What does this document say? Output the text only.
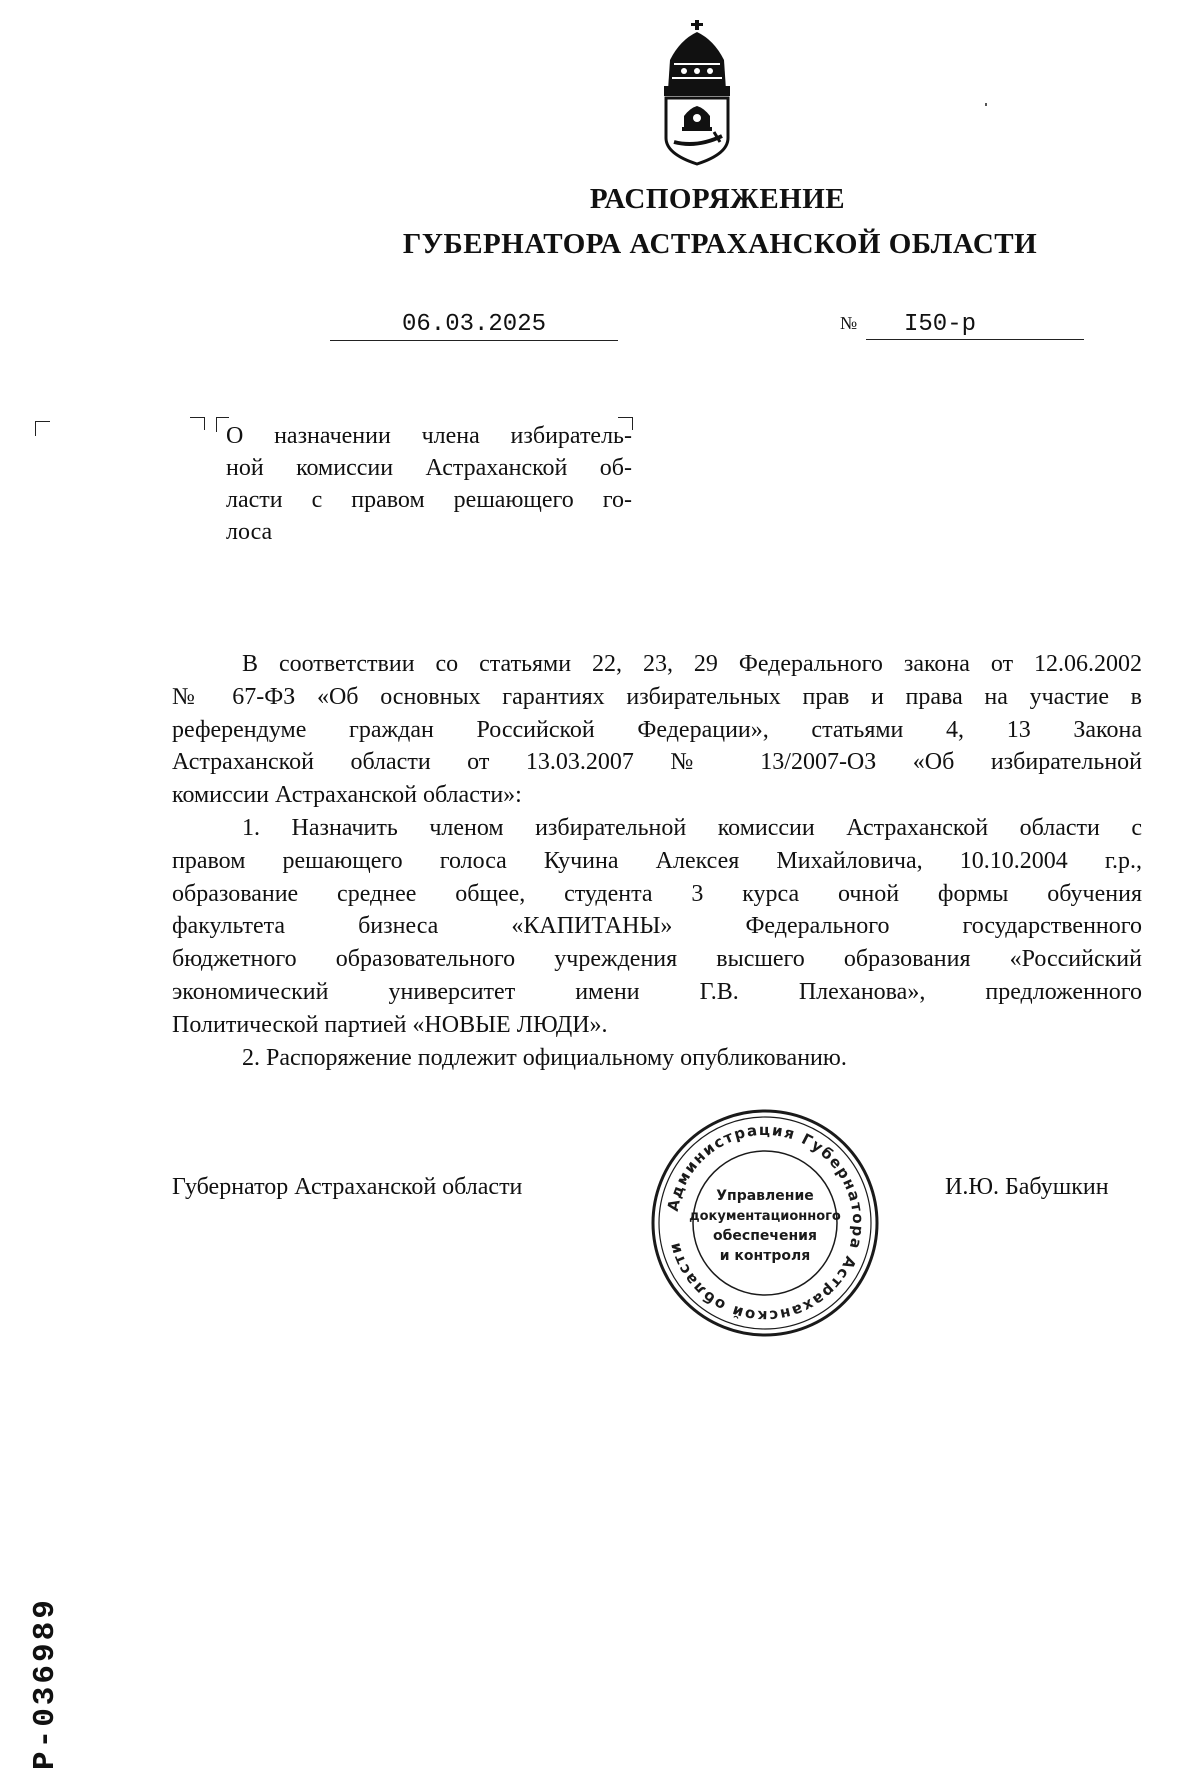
РАСПОРЯЖЕНИЕ
ГУБЕРНАТОРА АСТРАХАНСКОЙ ОБЛАСТИ
06.03.2025	№	I50-р
О назначении члена избиратель-
ной комиссии Астраханской об-
ласти с правом решающего го-
лоса
В соответствии со статьями 22, 23, 29 Федерального закона от 12.06.2002
№ 67-ФЗ «Об основных гарантиях избирательных прав и права на участие в
референдуме граждан Российской Федерации», статьями 4, 13 Закона
Астраханской области от 13.03.2007 № 13/2007-ОЗ «Об избирательной
комиссии Астраханской области»:
1. Назначить членом избирательной комиссии Астраханской области с
правом решающего голоса Кучина Алексея Михайловича, 10.10.2004 г.р.,
образование среднее общее, студента 3 курса очной формы обучения
факультета бизнеса «КАПИТАНЫ» Федерального государственного
бюджетного образовательного учреждения высшего образования «Российский
экономический университет имени Г.В. Плеханова», предложенного
Политической партией «НОВЫЕ ЛЮДИ».
2. Распоряжение подлежит официальному опубликованию.
Губернатор Астраханской области	И.Ю. Бабушкин
Администрация Губернатора Астраханской области
Управление
документационного
обеспечения
и контроля
Р-036989
